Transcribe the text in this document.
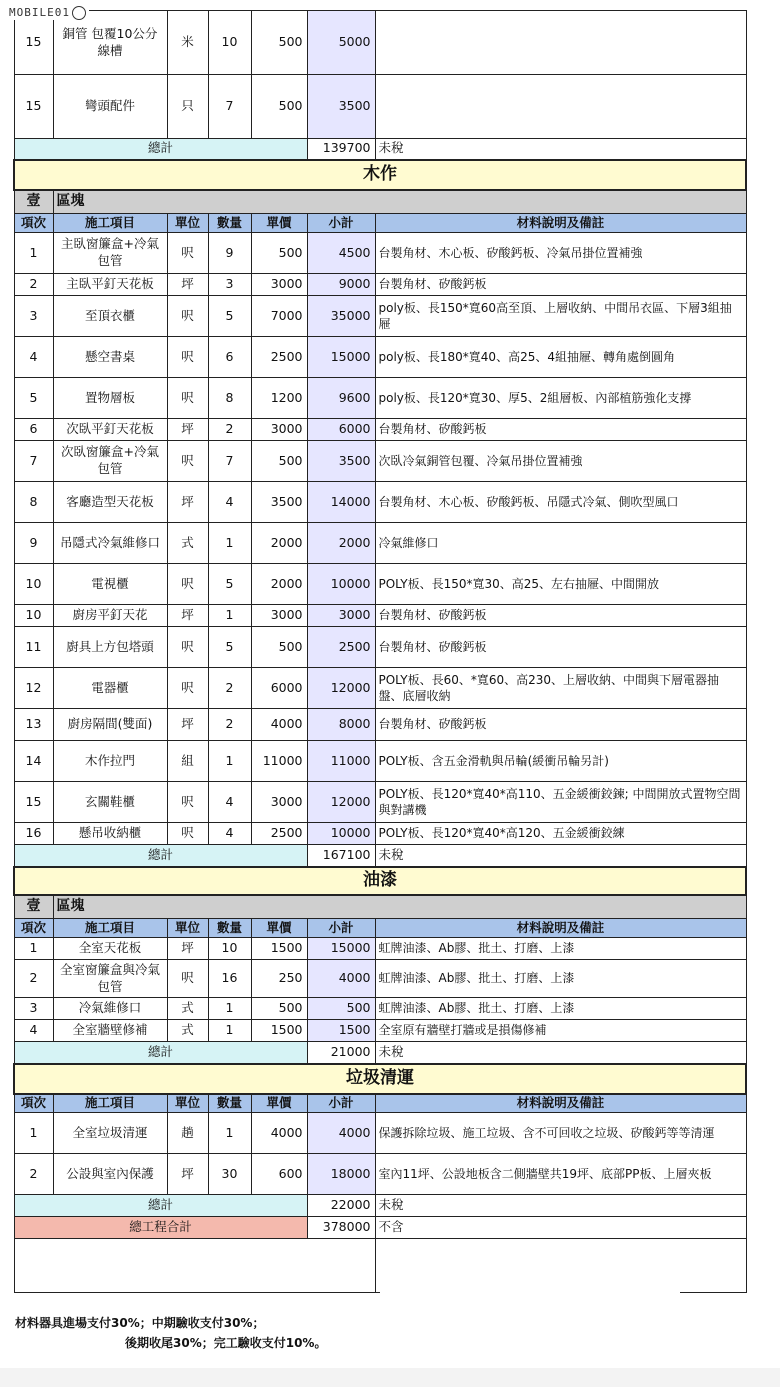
15	銅管 包覆10公分線槽	米	10	500	5000	
15	彎頭配件	只	7	500	3500	
總計					139700	未稅
木作						
壹	區塊					
項次	施工項目	單位	數量	單價	小計	材料說明及備註
1	主臥窗簾盒+冷氣包管	呎	9	500	4500	台製角材、木心板、矽酸鈣板、冷氣吊掛位置補強
2	主臥平釘天花板	坪	3	3000	9000	台製角材、矽酸鈣板
3	至頂衣櫃	呎	5	7000	35000	poly板、長150*寬60高至頂、上層收納、中間吊衣區、下層3組抽屜
4	懸空書桌	呎	6	2500	15000	poly板、長180*寬40、高25、4組抽屜、轉角處倒圓角
5	置物層板	呎	8	1200	9600	poly板、長120*寬30、厚5、2組層板、內部植筋強化支撐
6	次臥平釘天花板	坪	2	3000	6000	台製角材、矽酸鈣板
7	次臥窗簾盒+冷氣包管	呎	7	500	3500	次臥冷氣銅管包覆、冷氣吊掛位置補強
8	客廳造型天花板	坪	4	3500	14000	台製角材、木心板、矽酸鈣板、吊隱式冷氣、側吹型風口
9	吊隱式冷氣維修口	式	1	2000	2000	冷氣維修口
10	電視櫃	呎	5	2000	10000	POLY板、長150*寬30、高25、左右抽屜、中間開放
10	廚房平釘天花	坪	1	3000	3000	台製角材、矽酸鈣板
11	廚具上方包塔頭	呎	5	500	2500	台製角材、矽酸鈣板
12	電器櫃	呎	2	6000	12000	POLY板、長60、*寬60、高230、上層收納、中間與下層電器抽盤、底層收納
13	廚房隔間(雙面)	坪	2	4000	8000	台製角材、矽酸鈣板
14	木作拉門	組	1	11000	11000	POLY板、含五金滑軌與吊輪(緩衝吊輪另計)
15	玄關鞋櫃	呎	4	3000	12000	POLY板、長120*寬40*高110、五金緩衝鉸鍊; 中間開放式置物空間與對講機
16	懸吊收納櫃	呎	4	2500	10000	POLY板、長120*寬40*高120、五金緩衝鉸練
總計					167100	未稅
油漆						
壹	區塊					
項次	施工項目	單位	數量	單價	小計	材料說明及備註
1	全室天花板	坪	10	1500	15000	虹牌油漆、Ab膠、批土、打磨、上漆
2	全室窗簾盒與冷氣包管	呎	16	250	4000	虹牌油漆、Ab膠、批土、打磨、上漆
3	冷氣維修口	式	1	500	500	虹牌油漆、Ab膠、批土、打磨、上漆
4	全室牆壁修補	式	1	1500	1500	全室原有牆壁打牆或是損傷修補
總計					21000	未稅
垃圾清運						
項次	施工項目	單位	數量	單價	小計	材料說明及備註
1	全室垃圾清運	趟	1	4000	4000	保護拆除垃圾、施工垃圾、含不可回收之垃圾、矽酸鈣等等清運
2	公設與室內保護	坪	30	600	18000	室內11坪、公設地板含二側牆壁共19坪、底部PP板、上層夾板
總計					22000	未稅
總工程合計					378000	不含

MOBILE01
材料器具進場支付30%；中期驗收支付30%；
後期收尾30%；完工驗收支付10%。
